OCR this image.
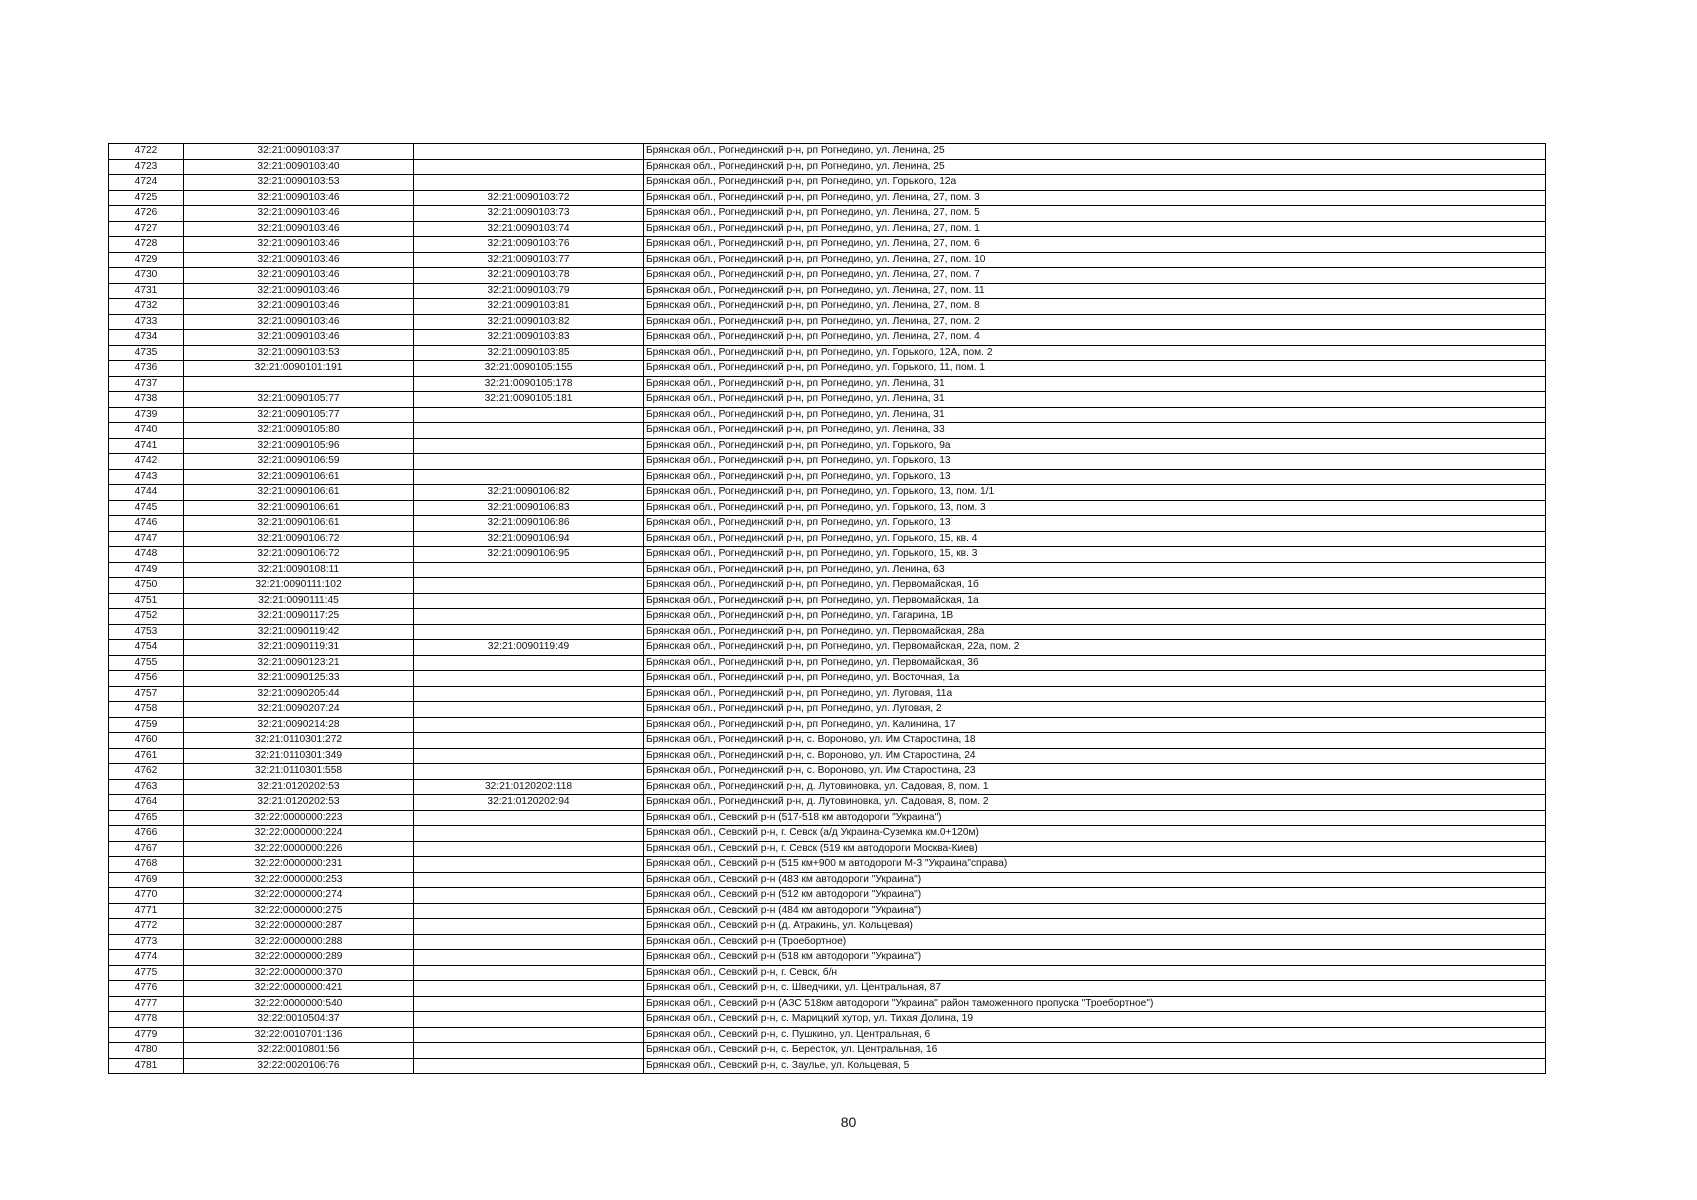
4722	32:21:0090103:37		Брянская обл., Рогнединский р-н, рп Рогнедино, ул. Ленина, 25
4723	32:21:0090103:40		Брянская обл., Рогнединский р-н, рп Рогнедино, ул. Ленина, 25
4724	32:21:0090103:53		Брянская обл., Рогнединский р-н, рп Рогнедино, ул. Горького, 12а
4725	32:21:0090103:46	32:21:0090103:72	Брянская обл., Рогнединский р-н, рп Рогнедино, ул. Ленина, 27, пом. 3
4726	32:21:0090103:46	32:21:0090103:73	Брянская обл., Рогнединский р-н, рп Рогнедино, ул. Ленина, 27, пом. 5
4727	32:21:0090103:46	32:21:0090103:74	Брянская обл., Рогнединский р-н, рп Рогнедино, ул. Ленина, 27, пом. 1
4728	32:21:0090103:46	32:21:0090103:76	Брянская обл., Рогнединский р-н, рп Рогнедино, ул. Ленина, 27, пом. 6
4729	32:21:0090103:46	32:21:0090103:77	Брянская обл., Рогнединский р-н, рп Рогнедино, ул. Ленина, 27, пом. 10
4730	32:21:0090103:46	32:21:0090103:78	Брянская обл., Рогнединский р-н, рп Рогнедино, ул. Ленина, 27, пом. 7
4731	32:21:0090103:46	32:21:0090103:79	Брянская обл., Рогнединский р-н, рп Рогнедино, ул. Ленина, 27, пом. 11
4732	32:21:0090103:46	32:21:0090103:81	Брянская обл., Рогнединский р-н, рп Рогнедино, ул. Ленина, 27, пом. 8
4733	32:21:0090103:46	32:21:0090103:82	Брянская обл., Рогнединский р-н, рп Рогнедино, ул. Ленина, 27, пом. 2
4734	32:21:0090103:46	32:21:0090103:83	Брянская обл., Рогнединский р-н, рп Рогнедино, ул. Ленина, 27, пом. 4
4735	32:21:0090103:53	32:21:0090103:85	Брянская обл., Рогнединский р-н, рп Рогнедино, ул. Горького, 12А, пом. 2
4736	32:21:0090101:191	32:21:0090105:155	Брянская обл., Рогнединский р-н, рп Рогнедино, ул. Горького, 11, пом. 1
4737		32:21:0090105:178	Брянская обл., Рогнединский р-н, рп Рогнедино, ул. Ленина, 31
4738	32:21:0090105:77	32:21:0090105:181	Брянская обл., Рогнединский р-н, рп Рогнедино, ул. Ленина, 31
4739	32:21:0090105:77		Брянская обл., Рогнединский р-н, рп Рогнедино, ул. Ленина, 31
4740	32:21:0090105:80		Брянская обл., Рогнединский р-н, рп Рогнедино, ул. Ленина, 33
4741	32:21:0090105:96		Брянская обл., Рогнединский р-н, рп Рогнедино, ул. Горького, 9а
4742	32:21:0090106:59		Брянская обл., Рогнединский р-н, рп Рогнедино, ул. Горького, 13
4743	32:21:0090106:61		Брянская обл., Рогнединский р-н, рп Рогнедино, ул. Горького, 13
4744	32:21:0090106:61	32:21:0090106:82	Брянская обл., Рогнединский р-н, рп Рогнедино, ул. Горького, 13, пом. 1/1
4745	32:21:0090106:61	32:21:0090106:83	Брянская обл., Рогнединский р-н, рп Рогнедино, ул. Горького, 13, пом. 3
4746	32:21:0090106:61	32:21:0090106:86	Брянская обл., Рогнединский р-н, рп Рогнедино, ул. Горького, 13
4747	32:21:0090106:72	32:21:0090106:94	Брянская обл., Рогнединский р-н, рп Рогнедино, ул. Горького, 15, кв. 4
4748	32:21:0090106:72	32:21:0090106:95	Брянская обл., Рогнединский р-н, рп Рогнедино, ул. Горького, 15, кв. 3
4749	32:21:0090108:11		Брянская обл., Рогнединский р-н, рп Рогнедино, ул. Ленина, 63
4750	32:21:0090111:102		Брянская обл., Рогнединский р-н, рп Рогнедино, ул. Первомайская, 1б
4751	32:21:0090111:45		Брянская обл., Рогнединский р-н, рп Рогнедино, ул. Первомайская, 1а
4752	32:21:0090117:25		Брянская обл., Рогнединский р-н, рп Рогнедино, ул. Гагарина, 1В
4753	32:21:0090119:42		Брянская обл., Рогнединский р-н, рп Рогнедино, ул. Первомайская, 28а
4754	32:21:0090119:31	32:21:0090119:49	Брянская обл., Рогнединский р-н, рп Рогнедино, ул. Первомайская, 22а, пом. 2
4755	32:21:0090123:21		Брянская обл., Рогнединский р-н, рп Рогнедино, ул. Первомайская, 36
4756	32:21:0090125:33		Брянская обл., Рогнединский р-н, рп Рогнедино, ул. Восточная, 1а
4757	32:21:0090205:44		Брянская обл., Рогнединский р-н, рп Рогнедино, ул. Луговая, 11а
4758	32:21:0090207:24		Брянская обл., Рогнединский р-н, рп Рогнедино, ул. Луговая, 2
4759	32:21:0090214:28		Брянская обл., Рогнединский р-н, рп Рогнедино, ул. Калинина, 17
4760	32:21:0110301:272		Брянская обл., Рогнединский р-н, с. Вороново, ул. Им Старостина, 18
4761	32:21:0110301:349		Брянская обл., Рогнединский р-н, с. Вороново, ул. Им Старостина, 24
4762	32:21:0110301:558		Брянская обл., Рогнединский р-н, с. Вороново, ул. Им Старостина, 23
4763	32:21:0120202:53	32:21:0120202:118	Брянская обл., Рогнединский р-н, д. Лутовиновка, ул. Садовая, 8, пом. 1
4764	32:21:0120202:53	32:21:0120202:94	Брянская обл., Рогнединский р-н, д. Лутовиновка, ул. Садовая, 8, пом. 2
4765	32:22:0000000:223		Брянская обл., Севский р-н (517-518 км автодороги "Украина")
4766	32:22:0000000:224		Брянская обл., Севский р-н, г. Севск (а/д Украина-Суземка км.0+120м)
4767	32:22:0000000:226		Брянская обл., Севский р-н, г. Севск (519 км автодороги Москва-Киев)
4768	32:22:0000000:231		Брянская обл., Севский р-н (515 км+900 м автодороги М-3 "Украина"справа)
4769	32:22:0000000:253		Брянская обл., Севский р-н (483 км автодороги "Украина")
4770	32:22:0000000:274		Брянская обл., Севский р-н (512 км автодороги "Украина")
4771	32:22:0000000:275		Брянская обл., Севский р-н (484 км автодороги "Украина")
4772	32:22:0000000:287		Брянская обл., Севский р-н (д. Атракинь, ул. Кольцевая)
4773	32:22:0000000:288		Брянская обл., Севский р-н (Троебортное)
4774	32:22:0000000:289		Брянская обл., Севский р-н (518 км автодороги "Украина")
4775	32:22:0000000:370		Брянская обл., Севский р-н, г. Севск, б/н
4776	32:22:0000000:421		Брянская обл., Севский р-н, с. Шведчики, ул. Центральная, 87
4777	32:22:0000000:540		Брянская обл., Севский р-н (АЗС 518км автодороги "Украина" район таможенного пропуска "Троебортное")
4778	32:22:0010504:37		Брянская обл., Севский р-н, с. Марицкий хутор, ул. Тихая Долина, 19
4779	32:22:0010701:136		Брянская обл., Севский р-н, с. Пушкино, ул. Центральная, 6
4780	32:22:0010801:56		Брянская обл., Севский р-н, с. Бересток, ул. Центральная, 16
4781	32:22:0020106:76		Брянская обл., Севский р-н, с. Заулье, ул. Кольцевая, 5
80
